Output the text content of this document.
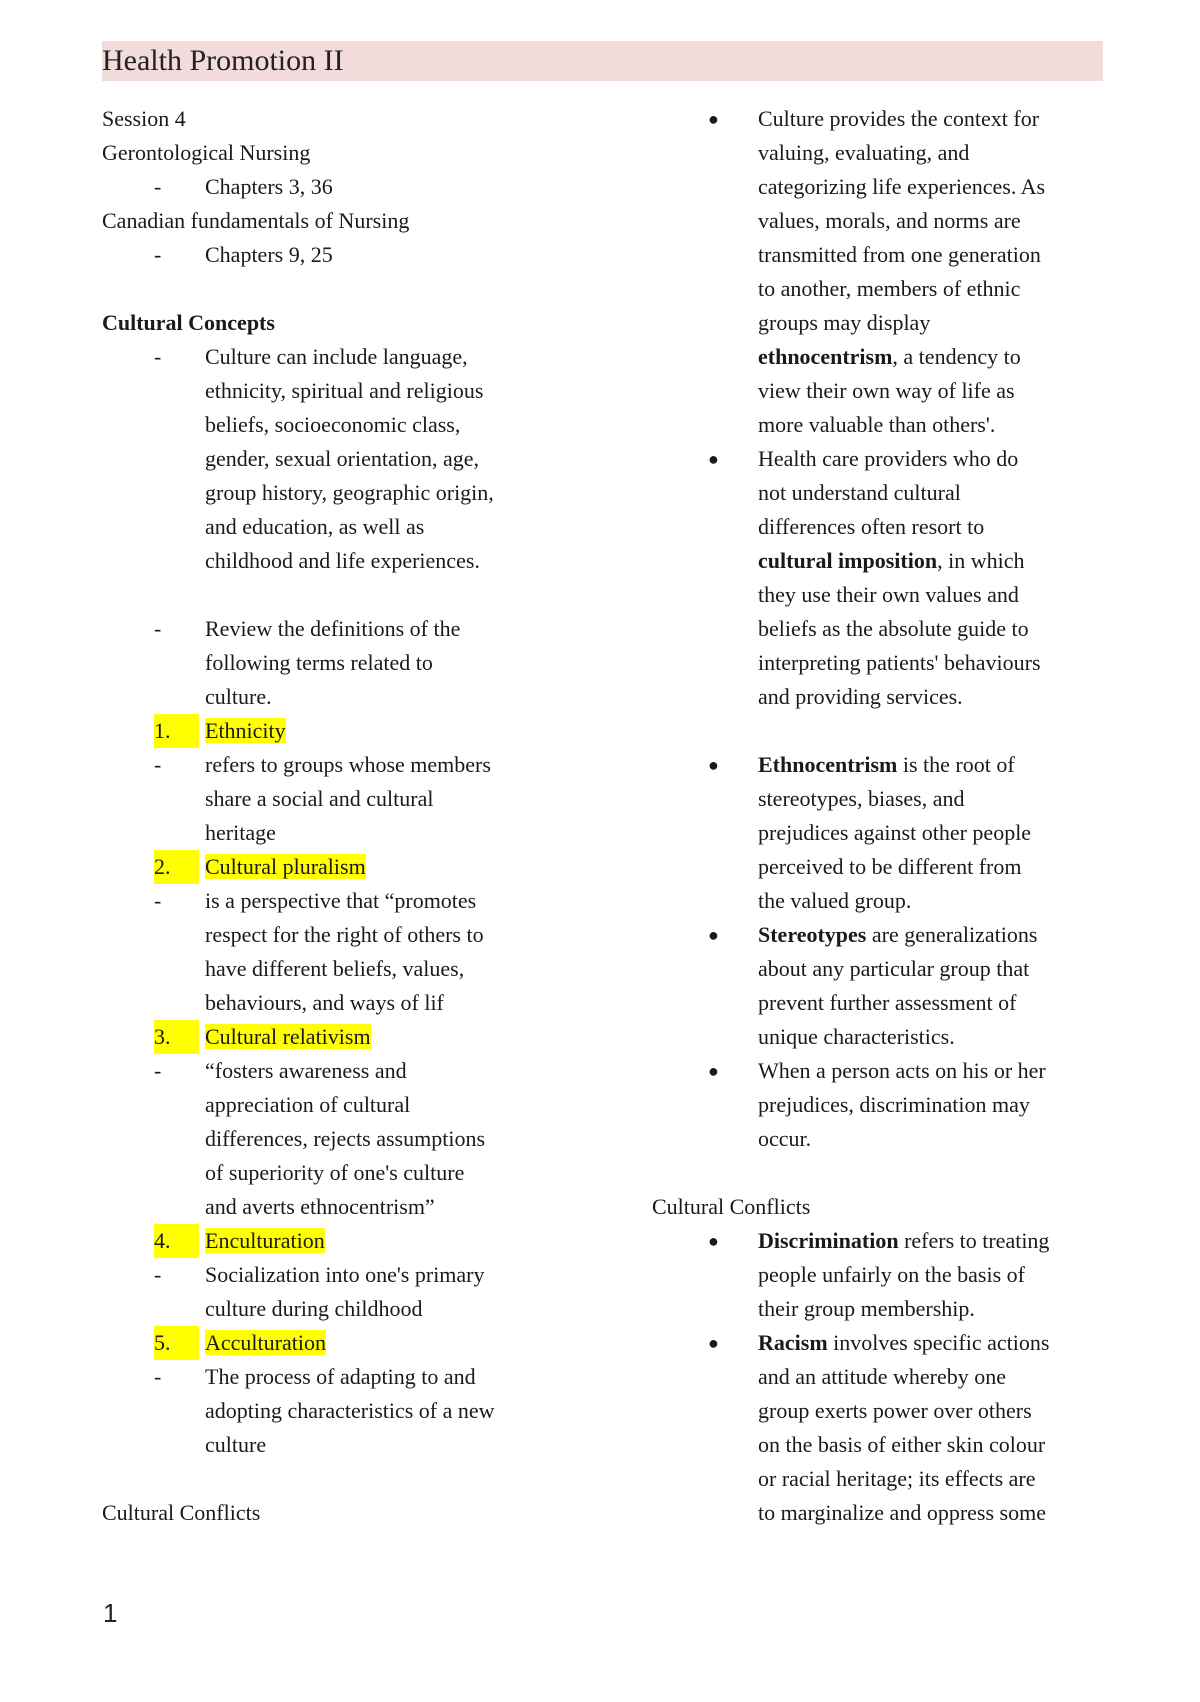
Health Promotion II
Session 4
Gerontological Nursing
- Chapters 3, 36
Canadian fundamentals of Nursing
- Chapters 9, 25
Cultural Concepts
- Culture can include language,
ethnicity, spiritual and religious
beliefs, socioeconomic class,
gender, sexual orientation, age,
group history, geographic origin,
and education, as well as
childhood and life experiences.
- Review the definitions of the
following terms related to
culture.
1.	Ethnicity
- refers to groups whose members
share a social and cultural
heritage
2.	Cultural pluralism
- is a perspective that “promotes
respect for the right of others to
have different beliefs, values,
behaviours, and ways of lif
3.	Cultural relativism
- “fosters awareness and
appreciation of cultural
differences, rejects assumptions
of superiority of one's culture
and averts ethnocentrism”
4.	Enculturation
- Socialization into one's primary
culture during childhood
5.	Acculturation
- The process of adapting to and
adopting characteristics of a new
culture
Cultural Conflicts
● Culture provides the context for
valuing, evaluating, and
categorizing life experiences. As
values, morals, and norms are
transmitted from one generation
to another, members of ethnic
groups may display
ethnocentrism, a tendency to
view their own way of life as
more valuable than others'.
● Health care providers who do
not understand cultural
differences often resort to
cultural imposition, in which
they use their own values and
beliefs as the absolute guide to
interpreting patients' behaviours
and providing services.
● Ethnocentrism is the root of
stereotypes, biases, and
prejudices against other people
perceived to be different from
the valued group.
● Stereotypes are generalizations
about any particular group that
prevent further assessment of
unique characteristics.
● When a person acts on his or her
prejudices, discrimination may
occur.
Cultural Conflicts
● Discrimination refers to treating
people unfairly on the basis of
their group membership.
● Racism involves specific actions
and an attitude whereby one
group exerts power over others
on the basis of either skin colour
or racial heritage; its effects are
to marginalize and oppress some
1
